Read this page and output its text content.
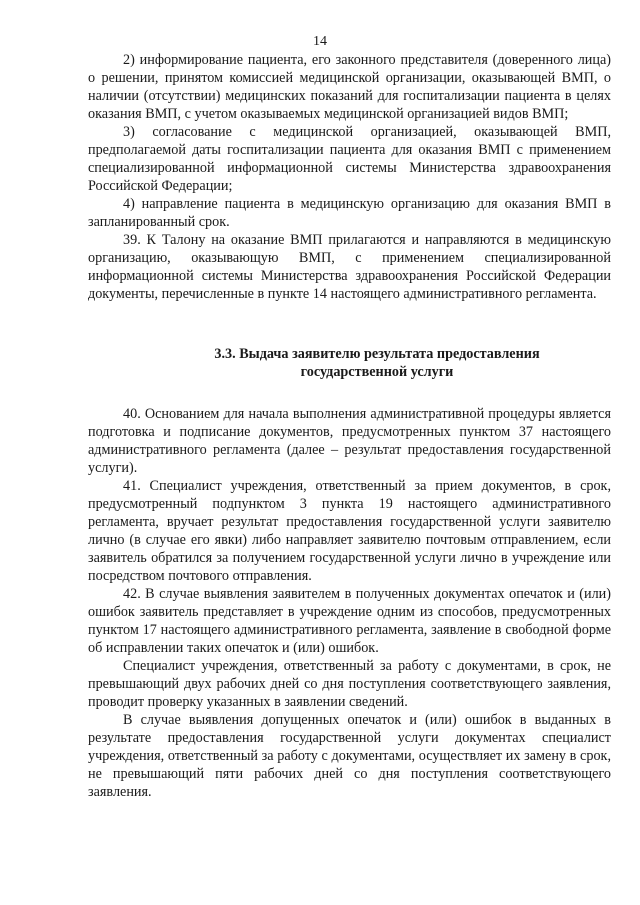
14

2) информирование пациента, его законного представителя (доверенного лица) о решении, принятом комиссией медицинской организации, оказывающей ВМП, о наличии (отсутствии) медицинских показаний для госпитализации пациента в целях оказания ВМП, с учетом оказываемых медицинской организацией видов ВМП;

3) согласование с медицинской организацией, оказывающей ВМП, предполагаемой даты госпитализации пациента для оказания ВМП с применением специализированной информационной системы Министерства здравоохранения Российской Федерации;

4) направление пациента в медицинскую организацию для оказания ВМП в запланированный срок.

39. К Талону на оказание ВМП прилагаются и направляются в медицинскую организацию, оказывающую ВМП, с применением специализированной информационной системы Министерства здравоохранения Российской Федерации документы, перечисленные в пункте 14 настоящего административного регламента.

3.3. Выдача заявителю результата предоставления

государственной услуги

40. Основанием для начала выполнения административной процедуры является подготовка и подписание документов, предусмотренных пунктом 37 настоящего административного регламента (далее – результат предоставления государственной услуги).

41. Специалист учреждения, ответственный за прием документов, в срок, предусмотренный подпунктом 3 пункта 19 настоящего административного регламента, вручает результат предоставления государственной услуги заявителю лично (в случае его явки) либо направляет заявителю почтовым отправлением, если заявитель обратился за получением государственной услуги лично в учреждение или посредством почтового отправления.

42. В случае выявления заявителем в полученных документах опечаток и (или) ошибок заявитель представляет в учреждение одним из способов, предусмотренных пунктом 17 настоящего административного регламента, заявление в свободной форме об исправлении таких опечаток и (или) ошибок.

Специалист учреждения, ответственный за работу с документами, в срок, не превышающий двух рабочих дней со дня поступления соответствующего заявления, проводит проверку указанных в заявлении сведений.

В случае выявления допущенных опечаток и (или) ошибок в выданных в результате предоставления государственной услуги документах специалист учреждения, ответственный за работу с документами, осуществляет их замену в срок, не превышающий пяти рабочих дней со дня поступления соответствующего заявления.
